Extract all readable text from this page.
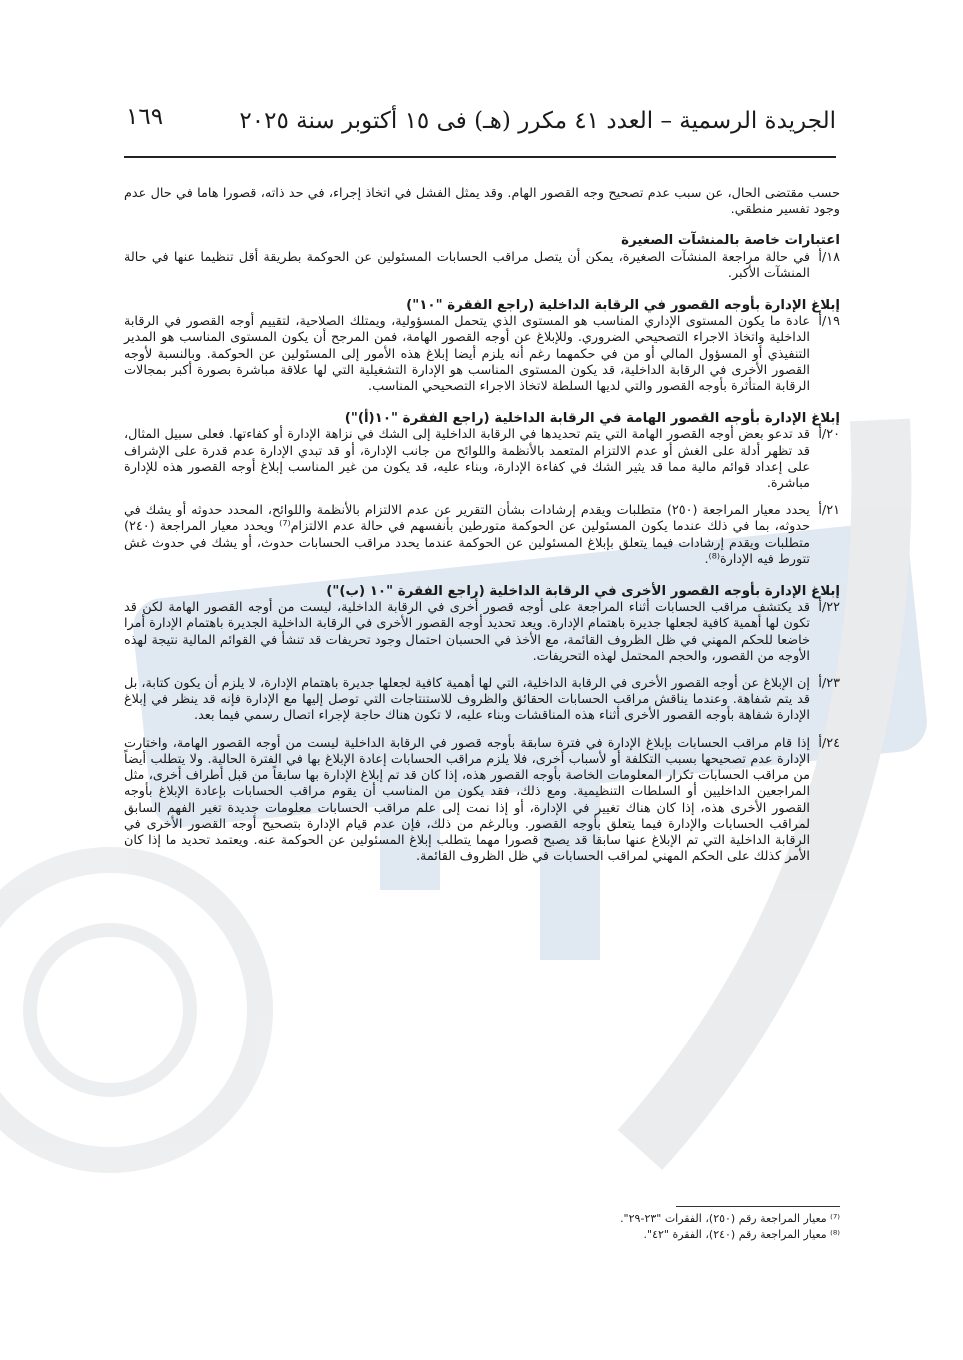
١٦٩	الجريدة الرسمية – العدد ٤١ مكرر (هـ) فى ١٥ أكتوبر سنة ٢٠٢٥

حسب مقتضى الحال، عن سبب عدم تصحيح وجه القصور الهام. وقد يمثل الفشل في اتخاذ إجراء، في حد ذاته، قصورا هاما في حال عدم وجود تفسير منطقي.

اعتبارات خاصة بالمنشآت الصغيرة

١٨/أ
في حالة مراجعة المنشآت الصغيرة، يمكن أن يتصل مراقب الحسابات المسئولين عن الحوكمة بطريقة أقل تنظيما عنها في حالة المنشآت الأكبر.

إبلاغ الإدارة بأوجه القصور في الرقابة الداخلية (راجع الفقرة "١٠")

١٩/أ
عادة ما يكون المستوى الإداري المناسب هو المستوى الذي يتحمل المسؤولية، ويمتلك الصلاحية، لتقييم أوجه القصور في الرقابة الداخلية واتخاذ الاجراء التصحيحي الضروري. وللإبلاغ عن أوجه القصور الهامة، فمن المرجح أن يكون المستوى المناسب هو المدير التنفيذي أو المسؤول المالي أو من في حكمهما رغم أنه يلزم أيضا إبلاغ هذه الأمور إلى المسئولين عن الحوكمة. وبالنسبة لأوجه القصور الأخرى في الرقابة الداخلية، قد يكون المستوى المناسب هو الإدارة التشغيلية التي لها علاقة مباشرة بصورة أكبر بمجالات الرقابة المتأثرة بأوجه القصور والتي لديها السلطة لاتخاذ الاجراء التصحيحي المناسب.

إبلاغ الإدارة بأوجه القصور الهامة في الرقابة الداخلية (راجع الفقرة "١٠(أ)")

٢٠/أ
قد تدعو بعض أوجه القصور الهامة التي يتم تحديدها في الرقابة الداخلية إلى الشك في نزاهة الإدارة أو كفاءتها. فعلى سبيل المثال، قد تظهر أدلة على الغش أو عدم الالتزام المتعمد بالأنظمة واللوائح من جانب الإدارة، أو قد تبدي الإدارة عدم قدرة على الإشراف على إعداد قوائم مالية مما قد يثير الشك في كفاءة الإدارة، وبناء عليه، قد يكون من غير المناسب إبلاغ أوجه القصور هذه للإدارة مباشرة.
٢١/أ
يحدد معيار المراجعة (٢٥٠) متطلبات ويقدم إرشادات بشأن التقرير عن عدم الالتزام بالأنظمة واللوائح، المحدد حدوثه أو يشك في حدوثه، بما في ذلك عندما يكون المسئولين عن الحوكمة متورطين بأنفسهم في حالة عدم الالتزام⁽⁷⁾ ويحدد معيار المراجعة (٢٤٠) متطلبات ويقدم إرشادات فيما يتعلق بإبلاغ المسئولين عن الحوكمة عندما يحدد مراقب الحسابات حدوث، أو يشك في حدوث غش تتورط فيه الإدارة⁽⁸⁾.

إبلاغ الإدارة بأوجه القصور الأخرى في الرقابة الداخلية (راجع الفقرة "١٠ (ب)")

٢٢/أ
قد يكتشف مراقب الحسابات أثناء المراجعة على أوجه قصور أخرى في الرقابة الداخلية، ليست من أوجه القصور الهامة لكن قد تكون لها أهمية كافية لجعلها جديرة باهتمام الإدارة. ويعد تحديد أوجه القصور الأخرى في الرقابة الداخلية الجديرة باهتمام الإدارة أمرا خاضعا للحكم المهني في ظل الظروف القائمة، مع الأخذ في الحسبان احتمال وجود تحريفات قد تنشأ في القوائم المالية نتيجة لهذه الأوجه من القصور، والحجم المحتمل لهذه التحريفات.
٢٣/أ
إن الإبلاغ عن أوجه القصور الأخرى في الرقابة الداخلية، التي لها أهمية كافية لجعلها جديرة باهتمام الإدارة، لا يلزم أن يكون كتابة، بل قد يتم شفاهة. وعندما يناقش مراقب الحسابات الحقائق والظروف للاستنتاجات التي توصل إليها مع الإدارة فإنه قد ينظر في إبلاغ الإدارة شفاهة بأوجه القصور الأخرى أثناء هذه المناقشات وبناء عليه، لا تكون هناك حاجة لإجراء اتصال رسمي فيما بعد.
٢٤/أ
إذا قام مراقب الحسابات بإبلاغ الإدارة في فترة سابقة بأوجه قصور في الرقابة الداخلية ليست من أوجه القصور الهامة، واختارت الإدارة عدم تصحيحها بسبب التكلفة أو لأسباب أخرى، فلا يلزم مراقب الحسابات إعادة الإبلاغ بها في الفترة الحالية. ولا يتطلب أيضاً من مراقب الحسابات تكرار المعلومات الخاصة بأوجه القصور هذه، إذا كان قد تم إبلاغ الإدارة بها سابقاً من قبل أطراف أخرى، مثل المراجعين الداخليين أو السلطات التنظيمية. ومع ذلك، فقد يكون من المناسب أن يقوم مراقب الحسابات بإعادة الإبلاغ بأوجه القصور الأخرى هذه، إذا كان هناك تغيير في الإدارة، أو إذا نمت إلى علم مراقب الحسابات معلومات جديدة تغير الفهم السابق لمراقب الحسابات والإدارة فيما يتعلق بأوجه القصور. وبالرغم من ذلك، فإن عدم قيام الإدارة بتصحيح أوجه القصور الأخرى في الرقابة الداخلية التي تم الإبلاغ عنها سابقا قد يصبح قصورا مهما يتطلب إبلاغ المسئولين عن الحوكمة عنه. ويعتمد تحديد ما إذا كان الأمر كذلك على الحكم المهني لمراقب الحسابات في ظل الظروف القائمة.
⁽⁷⁾ معيار المراجعة رقم (٢٥٠)، الفقرات "٢٣-٢٩".
⁽⁸⁾ معيار المراجعة رقم (٢٤٠)، الفقرة "٤٢".
